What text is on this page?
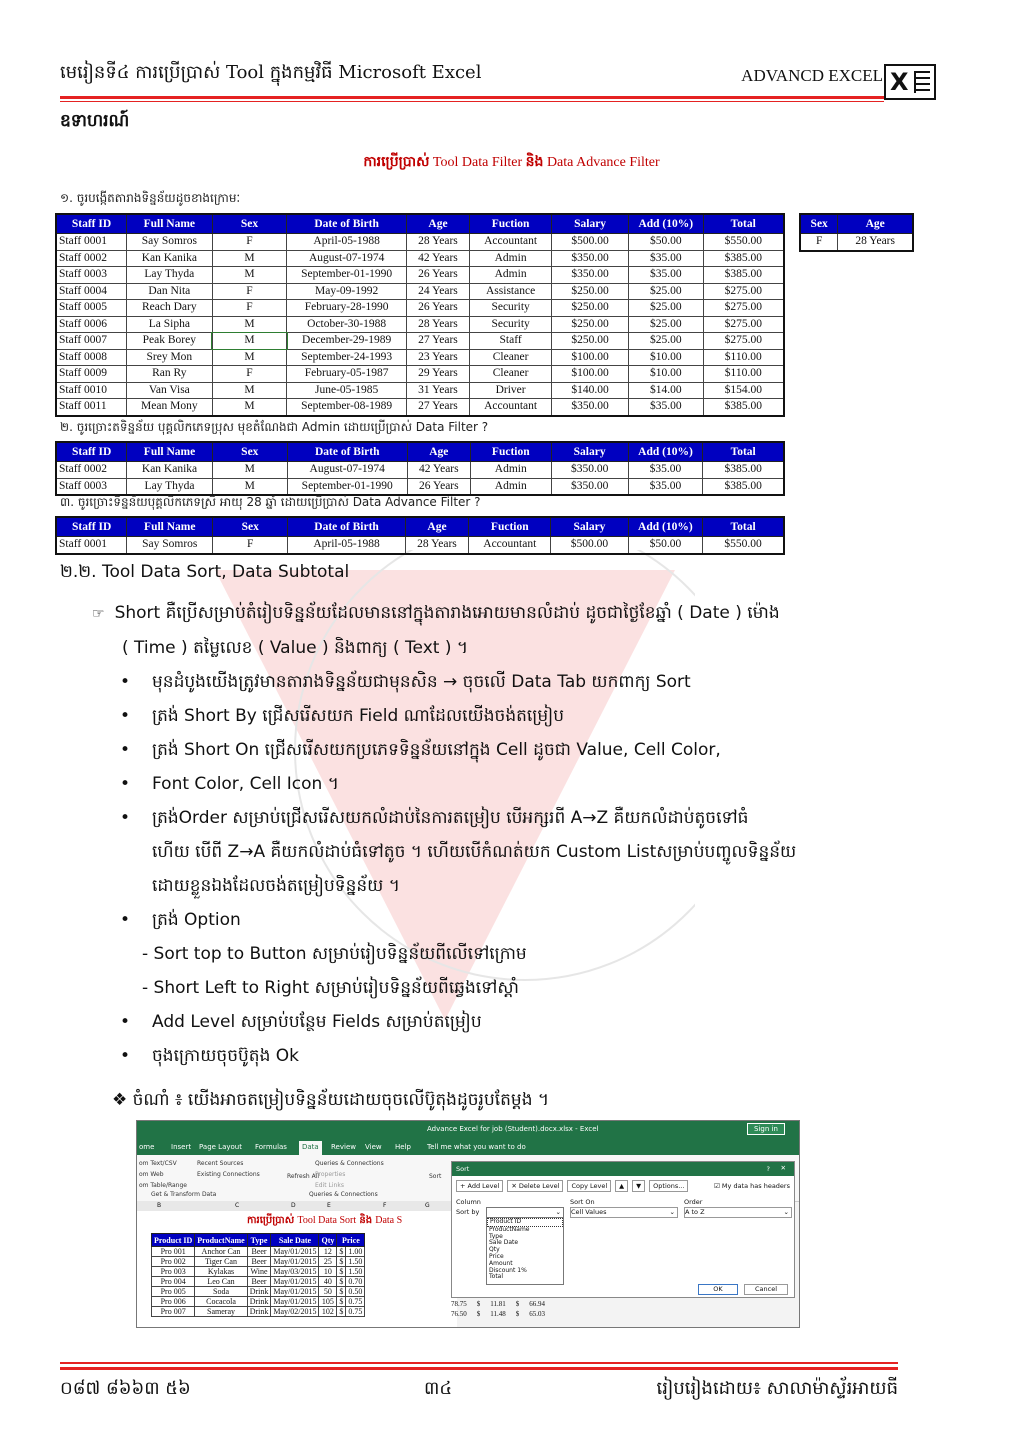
មេរៀនទី៤ ការប្រើប្រាស់ Tool ក្នុងកម្មវិធី Microsoft Excel	ADVANCD EXCEL X
ឧទាហរណ៍
ការប្រើប្រាស់ Tool Data Filter និង Data Advance Filter
១. ចូរបង្កើតតារាងទិន្នន័យដូចខាងក្រោមៈ
Staff ID	Full Name	Sex	Date of Birth	Age	Fuction	Salary	Add (10%)	Total
Staff 0001	Say Somros	F	April-05-1988	28 Years	Accountant	$500.00	$50.00	$550.00
Staff 0002	Kan Kanika	M	August-07-1974	42 Years	Admin	$350.00	$35.00	$385.00
Staff 0003	Lay Thyda	M	September-01-1990	26 Years	Admin	$350.00	$35.00	$385.00
Staff 0004	Dan Nita	F	May-09-1992	24 Years	Assistance	$250.00	$25.00	$275.00
Staff 0005	Reach Dary	F	February-28-1990	26 Years	Security	$250.00	$25.00	$275.00
Staff 0006	La Sipha	M	October-30-1988	28 Years	Security	$250.00	$25.00	$275.00
Staff 0007	Peak Borey	M	December-29-1989	27 Years	Staff	$250.00	$25.00	$275.00
Staff 0008	Srey Mon	M	September-24-1993	23 Years	Cleaner	$100.00	$10.00	$110.00
Staff 0009	Ran Ry	F	February-05-1987	29 Years	Cleaner	$100.00	$10.00	$110.00
Staff 0010	Van Visa	M	June-05-1985	31 Years	Driver	$140.00	$14.00	$154.00
Staff 0011	Mean Mony	M	September-08-1989	27 Years	Accountant	$350.00	$35.00	$385.00
Sex	Age
F	28 Years
២. ចូរច្រោះតទិន្នន័យ បុគ្គលិកភេទប្រុស មុខតំណែងជា Admin ដោយប្រើប្រាស់ Data Filter ?
Staff ID	Full Name	Sex	Date of Birth	Age	Fuction	Salary	Add (10%)	Total
Staff 0002	Kan Kanika	M	August-07-1974	42 Years	Admin	$350.00	$35.00	$385.00
Staff 0003	Lay Thyda	M	September-01-1990	26 Years	Admin	$350.00	$35.00	$385.00
៣. ចូរច្រោះទិន្នន័យបុគ្គលិកភេទស្រី អាយុ 28 ឆ្នាំ ដោយប្រើប្រាស់ Data Advance Filter ?
Staff ID	Full Name	Sex	Date of Birth	Age	Fuction	Salary	Add (10%)	Total
Staff 0001	Say Somros	F	April-05-1988	28 Years	Accountant	$500.00	$50.00	$550.00
២.២. Tool Data Sort, Data Subtotal
☞ Short គឺប្រើសម្រាប់តំរៀបទិន្នន័យដែលមាននៅក្នុងតារាងអោយមានលំដាប់ ដូចជាថ្ងៃខែឆ្នាំ ( Date ) ម៉ោង
( Time ) តម្លៃលេខ ( Value ) និងពាក្យ ( Text ) ។
• មុនដំបូងយើងត្រូវមានតារាងទិន្នន័យជាមុនសិន → ចុចលើ Data Tab យកពាក្យ Sort
• ត្រង់ Short By ជ្រើសរើសយក Field ណាដែលយើងចង់តម្រៀប
• ត្រង់ Short On ជ្រើសរើសយកប្រភេទទិន្នន័យនៅក្នុង Cell ដូចជា Value, Cell Color,
• Font Color, Cell Icon ។
• ត្រង់Order សម្រាប់ជ្រើសរើសយកលំដាប់នៃការតម្រៀប បើអក្សរពី A→Z គឺយកលំដាប់តូចទៅធំ
ហើយ បើពី Z→A គឺយកលំដាប់ធំទៅតូច ។ ហើយបើកំណត់យក Custom Listសម្រាប់បញ្ចូលទិន្នន័យ
ដោយខ្លួនឯងដែលចង់តម្រៀបទិន្នន័យ ។
• ត្រង់ Option
- Sort top to Button សម្រាប់រៀបទិន្នន័យពីលើទៅក្រោម
- Short Left to Right សម្រាប់រៀបទិន្នន័យពីឆ្វេងទៅស្តាំ
• Add Level សម្រាប់បន្ថែម Fields សម្រាប់តម្រៀប
• ចុងក្រោយចុចប៊ូតុង Ok
❖ ចំណាំ ៖ យើងអាចតម្រៀបទិន្នន័យដោយចុចលើប៊ូតុងដូចរូបតែម្តង ។
Advance Excel for job (Student).docx.xlsx - Excel	Sign in
ome Insert Page Layout Formulas	Data	Review View Help Tell me what you want to do
om Text/CSV
om Web
om Table/Range
Recent Sources
Existing Connections
Get & Transform Data
Refresh All
Queries & Connections
Properties
Edit Links
Queries & Connections
Sort
B	C	D	E	F	G
ការប្រើប្រាស់ Tool Data Sort និង Data S
Product ID	ProductName	Type	Sale Date	Qty	Price	
Pro 001	Anchor Can	Beer	May/01/2015	12	$	1.00
Pro 002	Tiger Can	Beer	May/01/2015	25	$	1.50
Pro 003	Kylakas	Wine	May/03/2015	10	$	1.50
Pro 004	Leo Can	Beer	May/01/2015	40	$	0.70
Pro 005	Soda	Drink	May/01/2015	50	$	0.50
Pro 006	Cocacola	Drink	May/01/2015	105	$	0.75
Pro 007	Sameray	Drink	May/02/2015	102	$	0.75
78.75 $ 11.81 $ 66.94
76.50 $ 11.48 $ 65.03
Sort	? ✕
+ Add Level	✕ Delete Level	Copy Level	▲	▼	Options...	☑ My data has headers
Column	Sort On	Order
Sort by	⌄ Cell Values	⌄ A to Z	⌄
Product ID
ProductName
Type
Sale Date
Qty
Price
Amount
Discount 1%
Total
OK	Cancel
០៨៧ ៨៦៦៣ ៥៦	៣៤	រៀបរៀងដោយ៖ សាលាម៉ាស្ទ័រអាយធី
